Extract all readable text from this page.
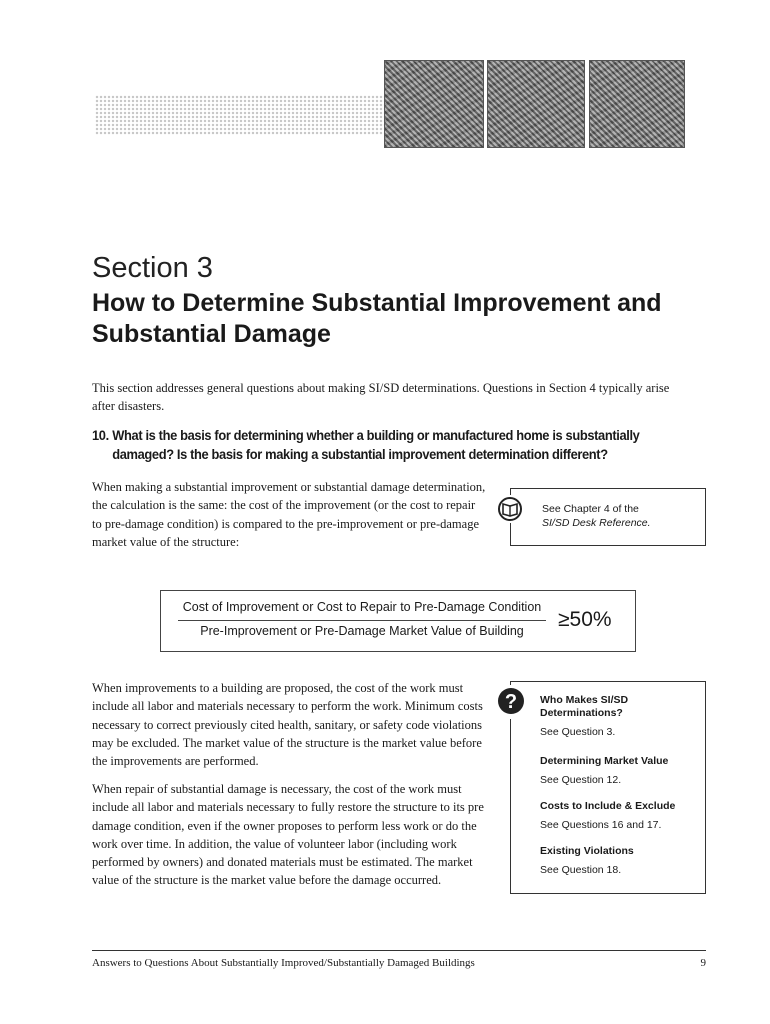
Section 3
How to Determine Substantial Improvement and Substantial Damage

This section addresses general questions about making SI/SD determinations. Questions in Section 4 typically arise after disasters.

10. What is the basis for determining whether a building or manufactured home is substantially
damaged? Is the basis for making a substantial improvement determination different?

When making a substantial improvement or substantial damage determination, the calculation is the same: the cost of the improvement (or the cost to repair to pre-damage condition) is compared to the pre-improvement or pre-damage market value of the structure:

See Chapter 4 of the
SI/SD Desk Reference.

Cost of Improvement or Cost to Repair to Pre-Damage Condition

Pre-Improvement or Pre-Damage Market Value of Building	≥50%

When improvements to a building are proposed, the cost of the work must include all labor and materials necessary to perform the work. Minimum costs necessary to correct previously cited health, sanitary, or safety code violations may be excluded. The market value of the structure is the market value before the improvements are performed.

When repair of substantial damage is necessary, the cost of the work must include all labor and materials necessary to fully restore the structure to its pre damage condition, even if the owner proposes to perform less work or do the work over time. In addition, the value of volunteer labor (including work performed by owners) and donated materials must be estimated. The market value of the structure is the market value before the damage occurred.

? Who Makes SI/SD Determinations?
See Question 3.
Determining Market Value
See Question 12.
Costs to Include & Exclude
See Questions 16 and 17.
Existing Violations
See Question 18.

Answers to Questions About Substantially Improved/Substantially Damaged Buildings	9
